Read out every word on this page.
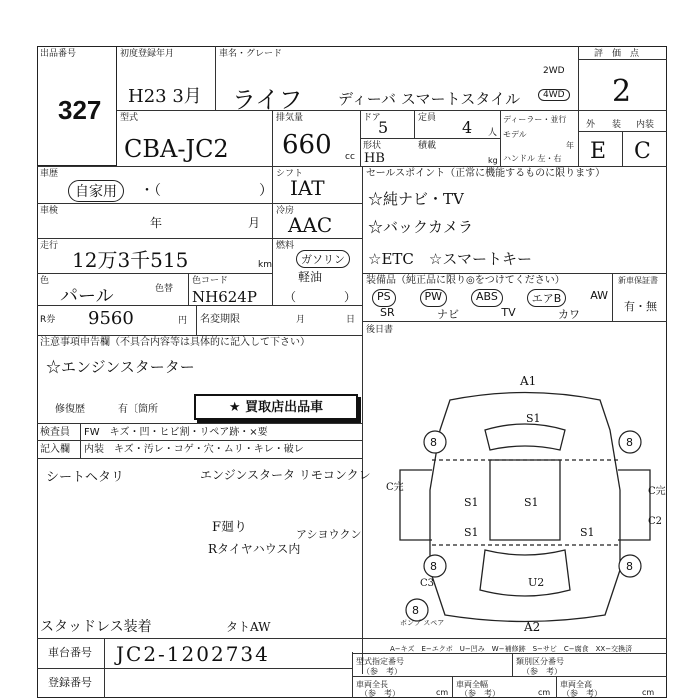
出品番号
327
初度登録年月
H23 3月
車名・グレード
ライフ ディーバ スマートスタイル
2WD
4WD
評　価　点
2
型式
CBA-JC2
排気量
660 cc
ドア
5	定員 4 人
ディーラー・並行
モデル
年
ハンドル 左・右
形状
HB
積載
kg
外 装 内装
E C
車歴
自家用	・（　　　　　　　）
シフト
IAT
セールスポイント（正常に機能するものに限ります）
☆純ナビ・TV
☆バックカメラ
☆ETC　☆スマートキー
車検
年	月
冷房
AAC
走行
12万3千515	km
燃料
ガソリン
軽油
色
パール	色替
色コード
NH624P （　　　　）
装備品（純正品に限り◎をつけてください）	新車保証書
有・無
PS	PW	ABS	エアB	AW
SR	ナビ	TV	カワ
R券 9560	円 名変期限	月	日
後日書
注意事項申告欄（不具合内容等は具体的に記入して下さい）
☆エンジンスターター
修復歴	有〔箇所	★ 買取店出品車
検査員 FW　キズ・凹・ヒビ割・リペア跡・×要
記入欄 内装　キズ・汚レ・コゲ・穴・ムリ・キレ・破レ
シートヘタリ	エンジンスタータ リモコンクレ
F廻り
Rタイヤハウス内
アシヨウクン
スタッドレス装着	タトAW
車台番号 JC2-1202734
登録番号
A−キズ　E−エクボ　U−凹み　W−補修跡　S−サビ　C−腐食　XX−交換済
型式指定番号
（参　考）
類別区分番号
（参　考）
車両全長
（参　考）	cm
車両全幅
（参　考）	cm
車両全高
（参　考）	cm
A1
S1
S1	S1
S1	S1
U2
A2
C完	C完
C2
C3
8	8
8	8
8
ボンプ スペア
